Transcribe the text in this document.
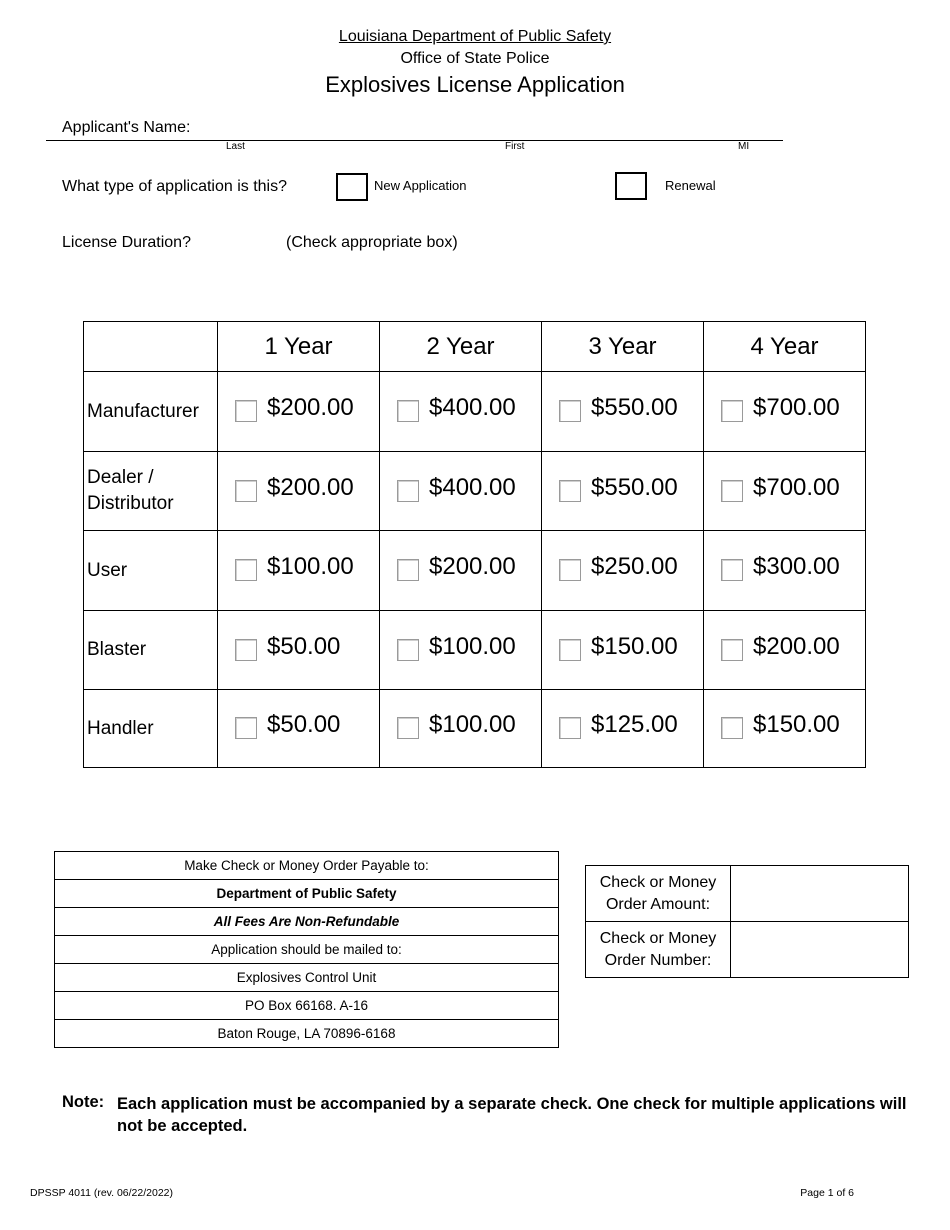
Louisiana Department of Public Safety
Office of State Police
Explosives License Application
Applicant's Name:
Last	First	MI
What type of application is this?	New Application	Renewal
License Duration?	(Check appropriate box)
	1 Year	2 Year	3 Year	4 Year
Manufacturer	$200.00	$400.00	$550.00	$700.00

Dealer / Distributor	$200.00	$400.00	$550.00	$700.00

User	$100.00	$200.00	$250.00	$300.00

Blaster	$50.00	$100.00	$150.00	$200.00

Handler	$50.00	$100.00	$125.00	$150.00
Make Check or Money Order Payable to:
Department of Public Safety
All Fees Are Non-Refundable
Application should be mailed to:
Explosives Control Unit
PO Box 66168. A-16
Baton Rouge, LA 70896-6168
Check or Money Order Amount:	

Check or Money Order Number:	

Note: Each application must be accompanied by a separate check. One check for multiple applications will not be accepted.
DPSSP 4011 (rev. 06/22/2022)	Page 1 of 6
